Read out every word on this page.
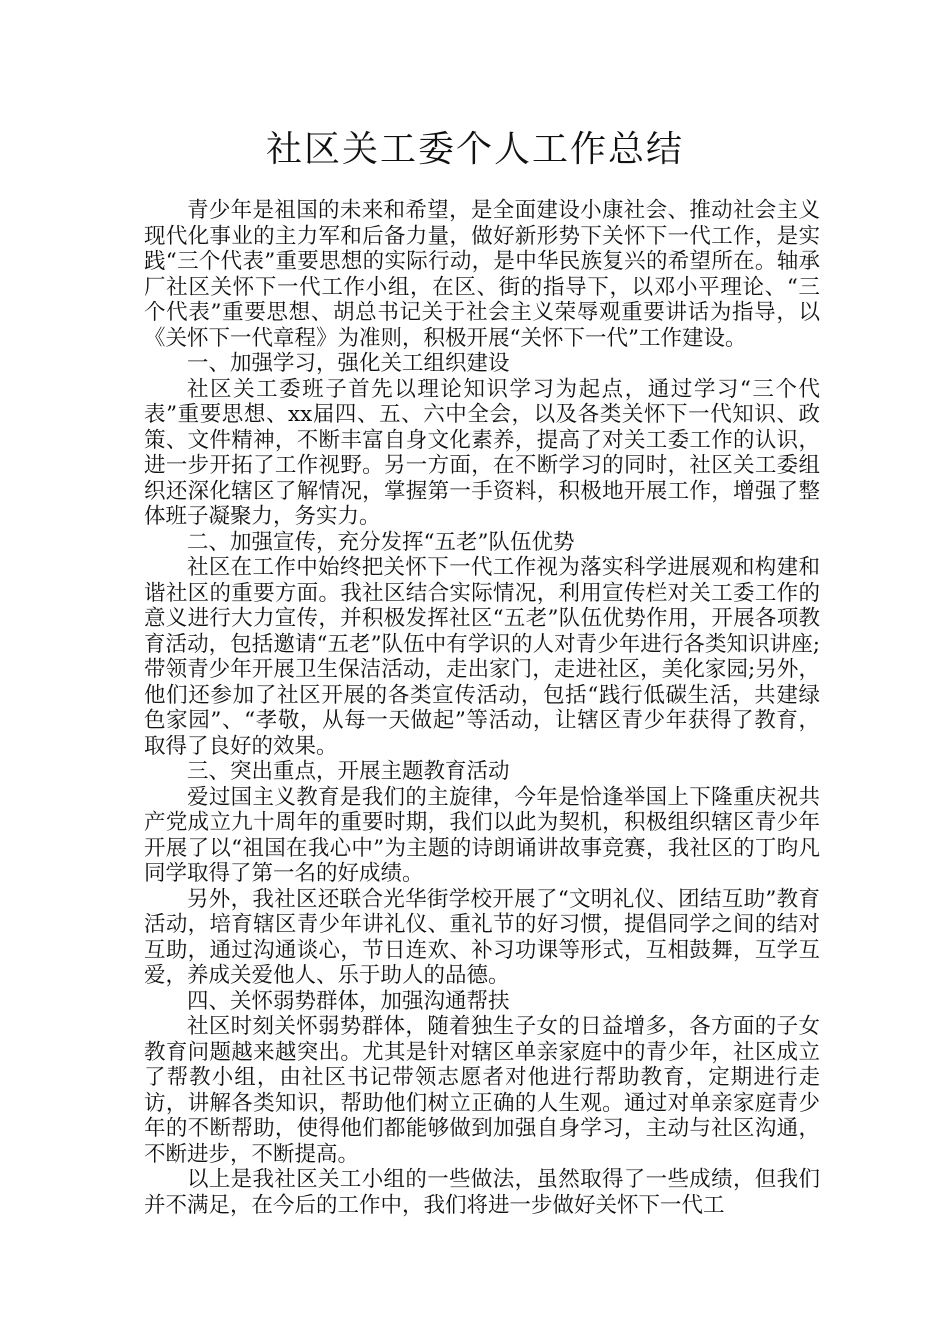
社区关工委个人工作总结

青少年是祖国的未来和希望，是全面建设小康社会、推动社会主义现代化事业的主力军和后备力量，做好新形势下关怀下一代工作，是实践“三个代表”重要思想的实际行动，是中华民族复兴的希望所在。轴承厂社区关怀下一代工作小组，在区、街的指导下，以邓小平理论、“三个代表”重要思想、胡总书记关于社会主义荣辱观重要讲话为指导，以《关怀下一代章程》为准则，积极开展“关怀下一代”工作建设。

一、加强学习，强化关工组织建设

社区关工委班子首先以理论知识学习为起点，通过学习“三个代表”重要思想、xx届四、五、六中全会，以及各类关怀下一代知识、政策、文件精神，不断丰富自身文化素养，提高了对关工委工作的认识，进一步开拓了工作视野。另一方面，在不断学习的同时，社区关工委组织还深化辖区了解情况，掌握第一手资料，积极地开展工作，增强了整体班子凝聚力，务实力。

二、加强宣传，充分发挥“五老”队伍优势

社区在工作中始终把关怀下一代工作视为落实科学进展观和构建和谐社区的重要方面。我社区结合实际情况，利用宣传栏对关工委工作的意义进行大力宣传，并积极发挥社区“五老”队伍优势作用，开展各项教育活动，包括邀请“五老”队伍中有学识的人对青少年进行各类知识讲座;带领青少年开展卫生保洁活动，走出家门，走进社区，美化家园;另外，他们还参加了社区开展的各类宣传活动，包括“践行低碳生活，共建绿色家园”、“孝敬，从每一天做起”等活动，让辖区青少年获得了教育，取得了良好的效果。

三、突出重点，开展主题教育活动

爱过国主义教育是我们的主旋律，今年是恰逢举国上下隆重庆祝共产党成立九十周年的重要时期，我们以此为契机，积极组织辖区青少年开展了以“祖国在我心中”为主题的诗朗诵讲故事竞赛，我社区的丁昀凡同学取得了第一名的好成绩。

另外，我社区还联合光华街学校开展了“文明礼仪、团结互助”教育活动，培育辖区青少年讲礼仪、重礼节的好习惯，提倡同学之间的结对互助，通过沟通谈心，节日连欢、补习功课等形式，互相鼓舞，互学互爱，养成关爱他人、乐于助人的品德。

四、关怀弱势群体，加强沟通帮扶

社区时刻关怀弱势群体，随着独生子女的日益增多，各方面的子女教育问题越来越突出。尤其是针对辖区单亲家庭中的青少年，社区成立了帮教小组，由社区书记带领志愿者对他进行帮助教育，定期进行走访，讲解各类知识，帮助他们树立正确的人生观。通过对单亲家庭青少年的不断帮助，使得他们都能够做到加强自身学习，主动与社区沟通，不断进步，不断提高。

以上是我社区关工小组的一些做法，虽然取得了一些成绩，但我们并不满足，在今后的工作中，我们将进一步做好关怀下一代工
